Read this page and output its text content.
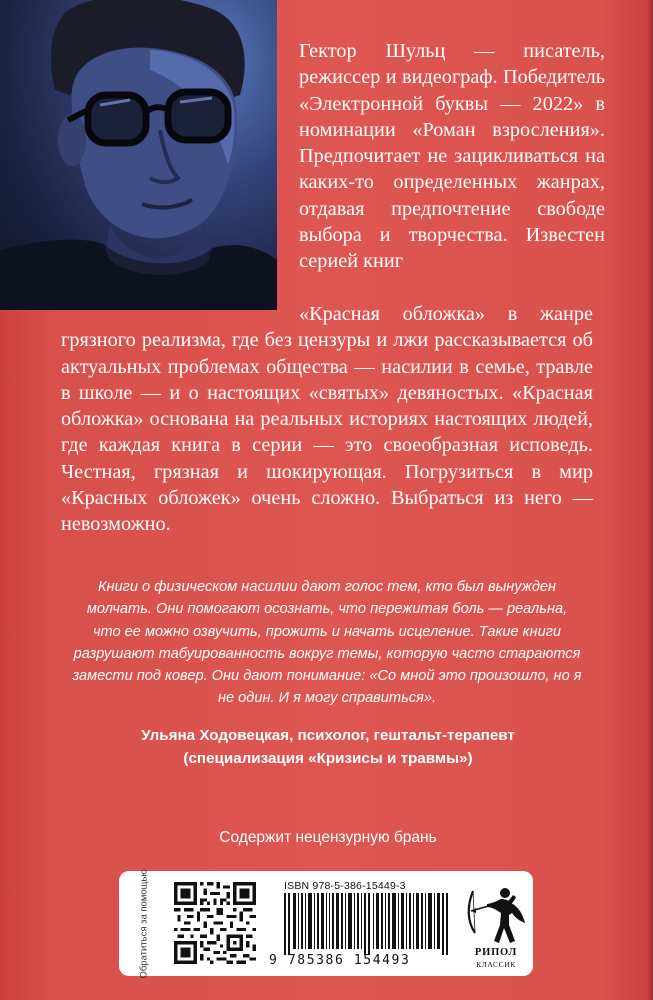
Гектор Шульц — писатель, режиссер и видеограф. Победитель «Электронной буквы — 2022» в номинации «Роман взросления». Предпочитает не зацикливаться на каких-то определенных жанрах, отдавая предпочтение свободе выбора и творчества. Известен серией книг

«Красная обложка» в жанре грязного реализма, где без цензуры и лжи рассказывается об актуальных проблемах общества — насилии в семье, травле в школе — и о настоящих «святых» девяностых. «Красная обложка» основана на реальных историях настоящих людей, где каждая книга в серии — это своеобразная исповедь. Честная, грязная и шокирующая. Погрузиться в мир «Красных обложек» очень сложно. Выбраться из него — невозможно.

Книги о физическом насилии дают голос тем, кто был вынужден молчать. Они помогают осознать, что пережитая боль — реальна, что ее можно озвучить, прожить и начать исцеление. Такие книги разрушают табуированность вокруг темы, которую часто стараются замести под ковер. Они дают понимание: «Со мной это произошло, но я не один. И я могу справиться».

Ульяна Ходовецкая, психолог, гештальт-терапевт
(специализация «Кризисы и травмы»)
Содержит нецензурную брань
Обратиться за помощью	ISBN 978-5-386-15449-3
9 785386 154493
РИПОЛ
КЛАССИК
